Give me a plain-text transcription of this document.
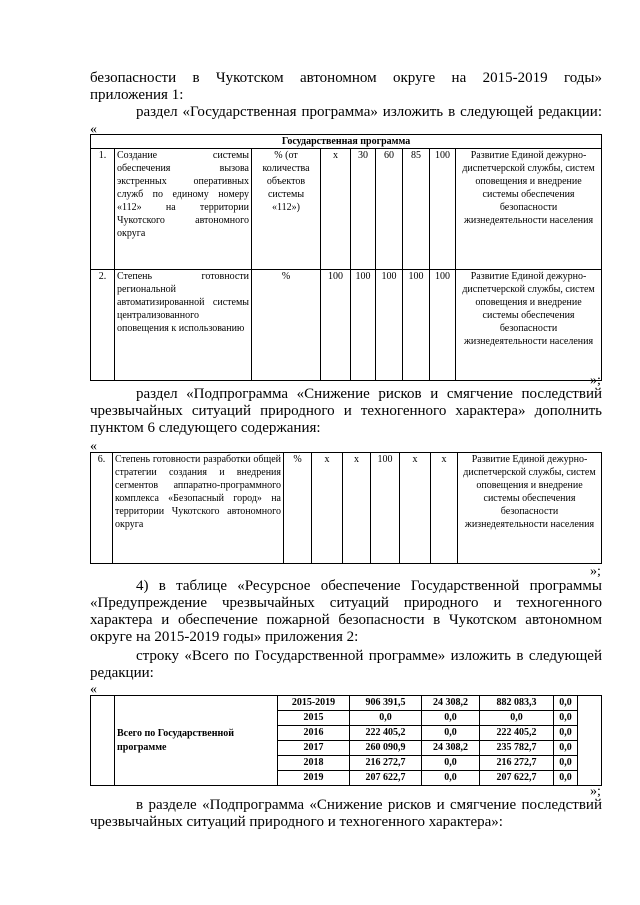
безопасности в Чукотском автономном округе на 2015-2019 годы»
приложения 1:
раздел «Государственная программа» изложить в следующей редакции:
«
Государственная программа								
1.	Создание системы обеспечения вызова экстренных оперативных служб по единому номеру «112» на территории Чукотского автономного округа	% (от количества объектов системы «112»)	x	30	60	85	100	Развитие Единой дежурно-диспетчерской службы, систем оповещения и внедрение системы обеспечения безопасности жизнедеятельности населения
2.	Степень готовности региональной автоматизированной системы централизованного оповещения к использованию	%	100	100	100	100	100	Развитие Единой дежурно-диспетчерской службы, систем оповещения и внедрение системы обеспечения безопасности жизнедеятельности населения
»;
раздел «Подпрограмма «Снижение рисков и смягчение последствий чрезвычайных ситуаций природного и техногенного характера» дополнить пунктом 6 следующего содержания:
«
6.	Степень готовности разработки общей стратегии создания и внедрения сегментов аппаратно-программного комплекса «Безопасный город» на территории Чукотского автономного округа	%	x	x	100	x	x	Развитие Единой дежурно-диспетчерской службы, систем оповещения и внедрение системы обеспечения безопасности жизнедеятельности населения
»;
4) в таблице «Ресурсное обеспечение Государственной программы «Предупреждение чрезвычайных ситуаций природного и техногенного характера и обеспечение пожарной безопасности в Чукотском автономном округе на 2015-2019 годы» приложения 2:
строку «Всего по Государственной программе» изложить в следующей редакции:
«
	Всего по Государственной программе	2015-2019	906 391,5	24 308,2	882 083,3	0,0	
		2015	0,0	0,0	0,0	0,0	
		2016	222 405,2	0,0	222 405,2	0,0	
		2017	260 090,9	24 308,2	235 782,7	0,0	
		2018	216 272,7	0,0	216 272,7	0,0	
		2019	207 622,7	0,0	207 622,7	0,0	
»;
в разделе «Подпрограмма «Снижение рисков и смягчение последствий чрезвычайных ситуаций природного и техногенного характера»:
